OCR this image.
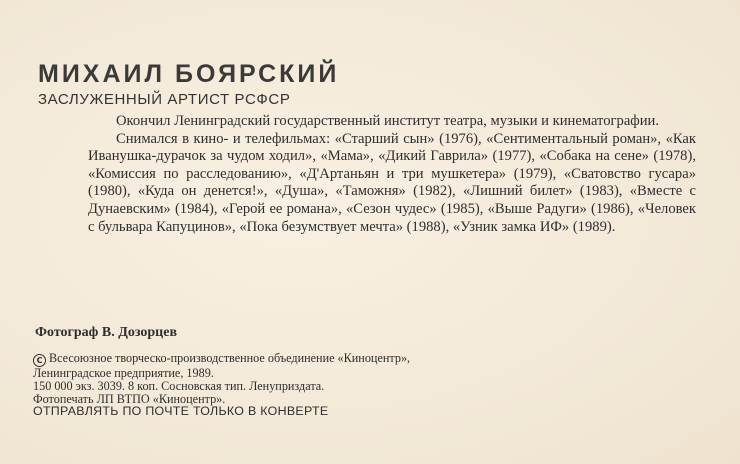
МИХАИЛ БОЯРСКИЙ
ЗАСЛУЖЕННЫЙ АРТИСТ РСФСР

Окончил Ленинградский государственный институт театра, музыки и кинематографии.

Снимался в кино- и телефильмах: «Старший сын» (1976), «Сентиментальный роман», «Как Иванушка-дурачок за чудом ходил», «Мама», «Дикий Гаврила» (1977), «Собака на сене» (1978), «Комиссия по расследованию», «Д'Артаньян и три мушкетера» (1979), «Сватовство гусара» (1980), «Куда он денется!», «Душа», «Таможня» (1982), «Лишний билет» (1983), «Вместе с Дунаевским» (1984), «Герой ее романа», «Сезон чудес» (1985), «Выше Радуги» (1986), «Человек с бульвара Капуцинов», «Пока безумствует мечта» (1988), «Узник замка ИФ» (1989).

Фотограф В. Дозорцев
C Всесоюзное творческо-производственное объединение «Киноцентр»,
Ленинградское предприятие, 1989.
150 000 экз. 3039. 8 коп. Сосновская тип. Ленуприздата.
Фотопечать ЛП ВТПО «Киноцентр».
ОТПРАВЛЯТЬ ПО ПОЧТЕ ТОЛЬКО В КОНВЕРТЕ
